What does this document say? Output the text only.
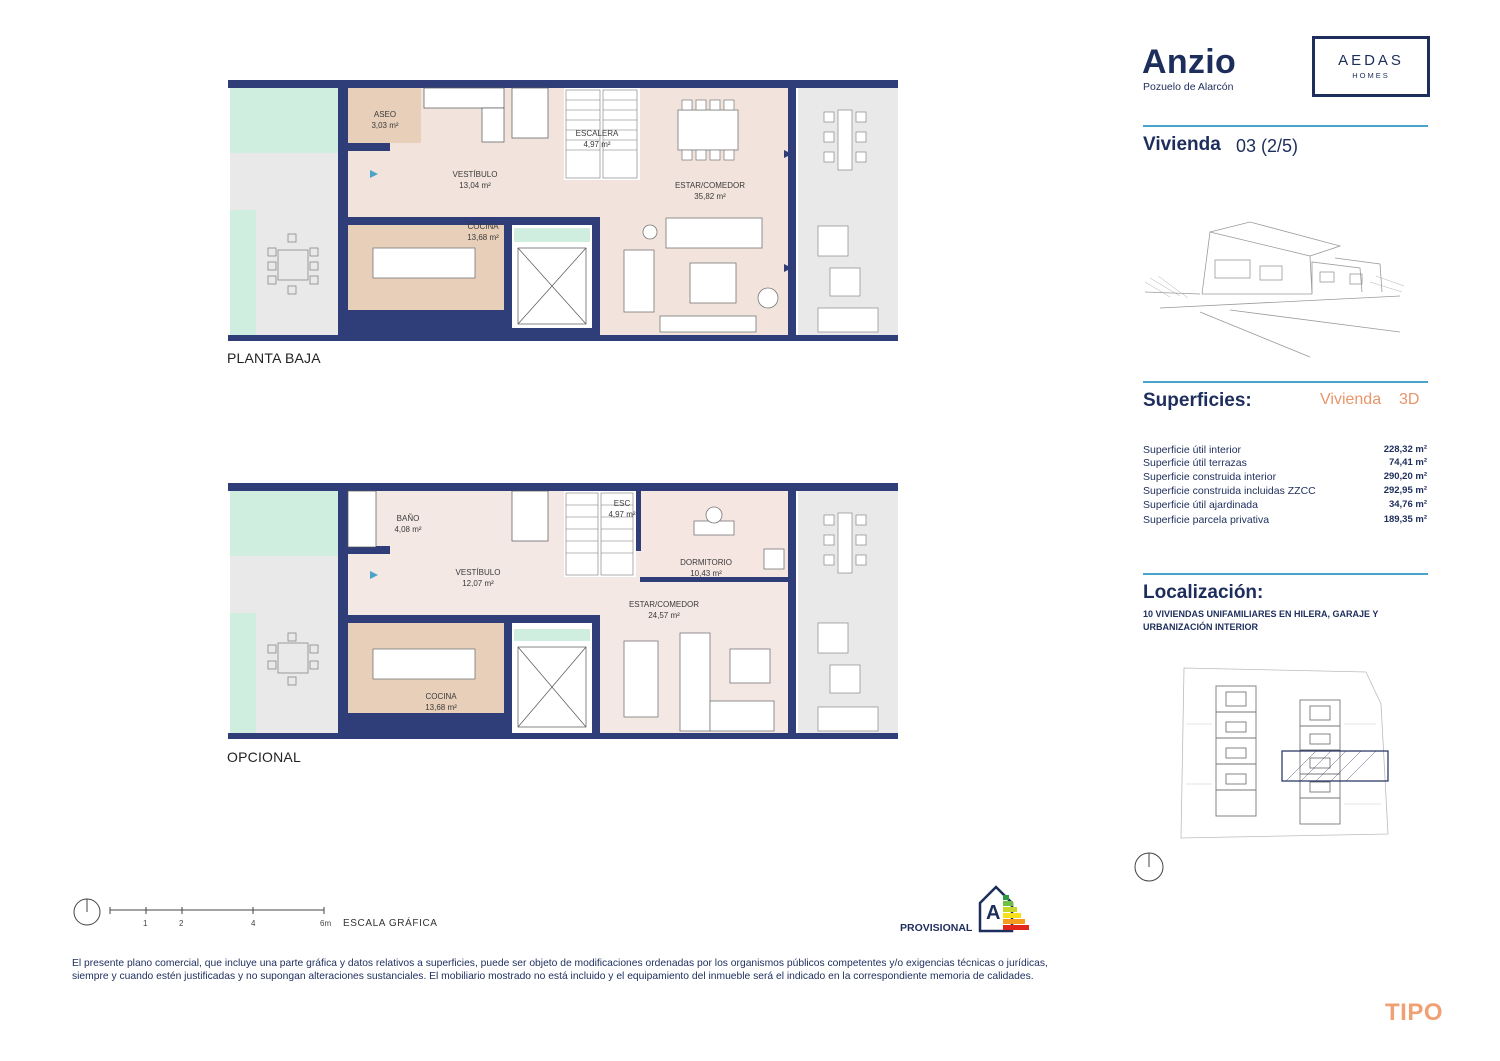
ASEO
3,03 m²
ESCALERA
4,97 m²
VESTÍBULO
13,04 m²	ESTAR/COMEDOR
35,82 m²
COCINA
13,68 m²
PLANTA BAJA
BAÑO
4,08 m²
ESC
4,97 m²
VESTÍBULO
12,07 m²
DORMITORIO
10,43 m²
ESTAR/COMEDOR
24,57 m²
COCINA
13,68 m²
OPCIONAL
1	2	4	6m ESCALA GRÁFICA	PROVISIONAL
A
El presente plano comercial, que incluye una parte gráfica y datos relativos a superficies, puede ser objeto de modificaciones ordenadas por los organismos públicos competentes y/o exigencias técnicas o jurídicas, siempre y cuando estén justificadas y no supongan alteraciones sustanciales. El mobiliario mostrado no está incluido y el equipamiento del inmueble será el indicado en la correspondiente memoria de calidades.
Anzio
Pozuelo de Alarcón
AEDAS
HOMES
Vivienda 03 (2/5)
Superficies:	Vivienda 3D
Superficie útil interior	228,32 m²
Superficie útil terrazas	74,41 m²
Superficie construida interior	290,20 m²
Superficie construida incluidas ZZCC	292,95 m²
Superficie útil ajardinada	34,76 m²
Superficie parcela privativa	189,35 m²
Localización:
10 VIVIENDAS UNIFAMILIARES EN HILERA, GARAJE Y
URBANIZACIÓN INTERIOR
TIPO
